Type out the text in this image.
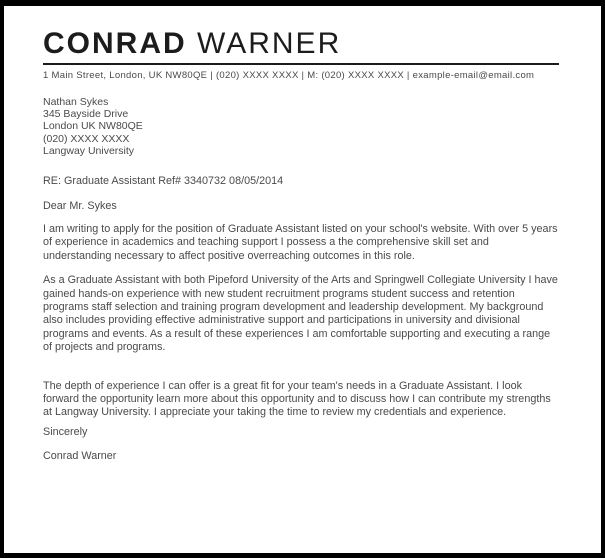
CONRAD WARNER
1 Main Street, London, UK NW80QE | (020) XXXX XXXX | M: (020) XXXX XXXX | example-email@email.com
Nathan Sykes
345 Bayside Drive
London UK NW80QE
(020) XXXX XXXX
Langway University
RE: Graduate Assistant Ref# 3340732 08/05/2014
Dear Mr. Sykes

I am writing to apply for the position of Graduate Assistant listed on your school's website. With over 5 years of experience in academics and teaching support I possess a the comprehensive skill set and understanding necessary to affect positive overreaching outcomes in this role.

As a Graduate Assistant with both Pipeford University of the Arts and Springwell Collegiate University I have gained hands-on experience with new student recruitment programs student success and retention programs staff selection and training program development and leadership development. My background also includes providing effective administrative support and participations in university and divisional programs and events. As a result of these experiences I am comfortable supporting and executing a range of projects and programs.

The depth of experience I can offer is a great fit for your team's needs in a Graduate Assistant. I look forward the opportunity learn more about this opportunity and to discuss how I can contribute my strengths at Langway University. I appreciate your taking the time to review my credentials and experience.

Sincerely
Conrad Warner
